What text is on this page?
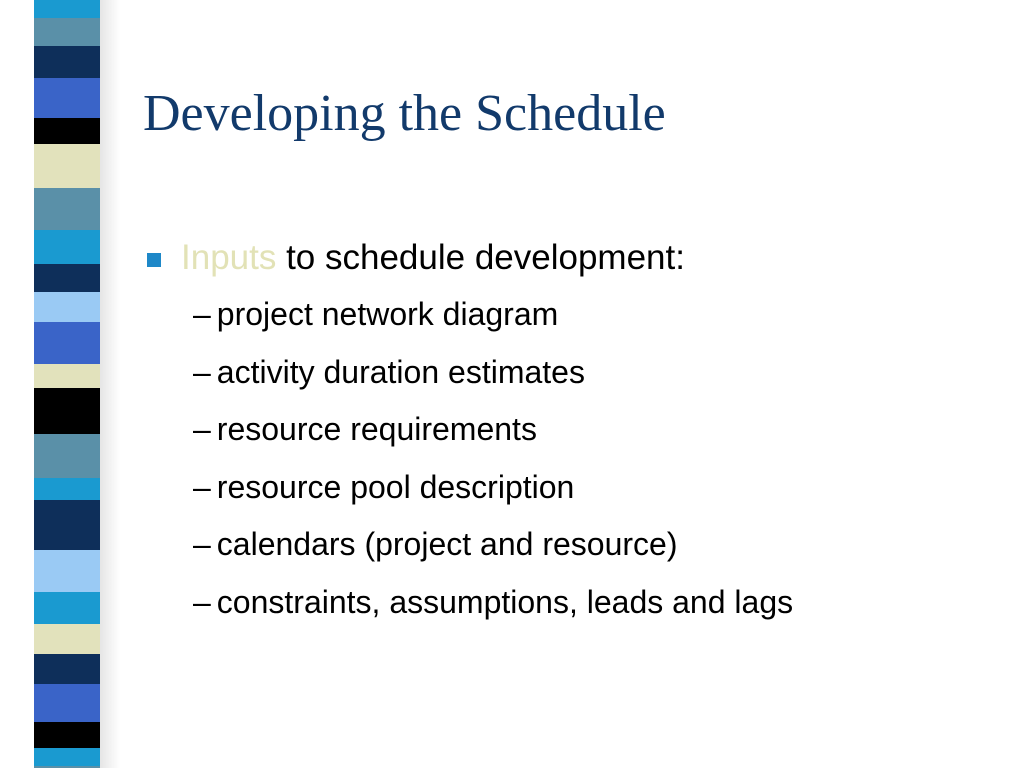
Developing the Schedule
Inputs to schedule development:
– project network diagram
– activity duration estimates
– resource requirements
– resource pool description
– calendars (project and resource)
– constraints, assumptions, leads and lags
